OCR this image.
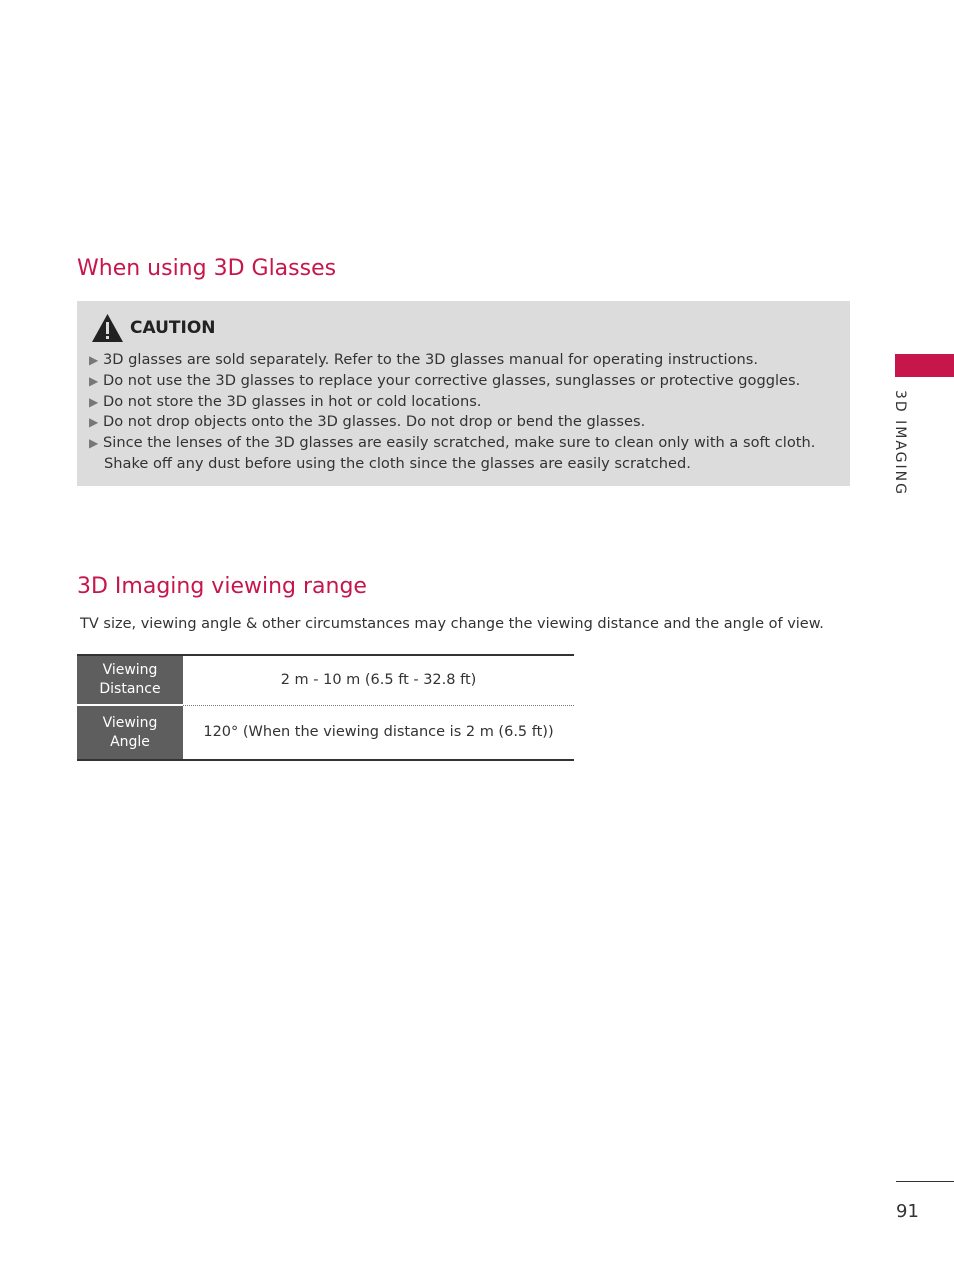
When using 3D Glasses
CAUTION
▶ 3D glasses are sold separately. Refer to the 3D glasses manual for operating instructions.
▶ Do not use the 3D glasses to replace your corrective glasses, sunglasses or protective goggles.
▶ Do not store the 3D glasses in hot or cold locations.
▶ Do not drop objects onto the 3D glasses. Do not drop or bend the glasses.
▶ Since the lenses of the 3D glasses are easily scratched, make sure to clean only with a soft cloth.
Shake off any dust before using the cloth since the glasses are easily scratched.
3D Imaging viewing range

TV size, viewing angle & other circumstances may change the viewing distance and the angle of view.

Viewing
Distance	2 m - 10 m (6.5 ft - 32.8 ft)
Viewing
Angle	120° (When the viewing distance is 2 m (6.5 ft))
3D IMAGING
91
